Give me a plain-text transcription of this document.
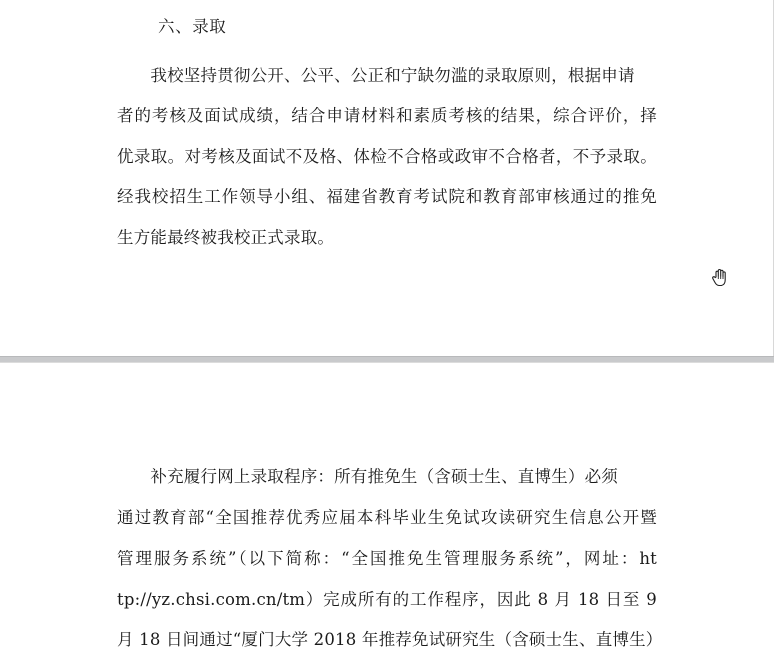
六、录取
　　我校坚持贯彻公开、公平、公正和宁缺勿滥的录取原则，根据申请
者的考核及面试成绩，结合申请材料和素质考核的结果，综合评价，择
优录取。对考核及面试不及格、体检不合格或政审不合格者，不予录取。
经我校招生工作领导小组、福建省教育考试院和教育部审核通过的推免
生方能最终被我校正式录取。
　　补充履行网上录取程序：所有推免生（含硕士生、直博生）必须
通过教育部“全国推荐优秀应届本科毕业生免试攻读研究生信息公开暨
管理服务系统”（以下简称：“全国推免生管理服务系统”，网址：ht
tp://yz.chsi.com.cn/tm）完成所有的工作程序，因此 8 月 18 日至 9
月 18 日间通过“厦门大学 2018 年推荐免试研究生（含硕士生、直博生）
